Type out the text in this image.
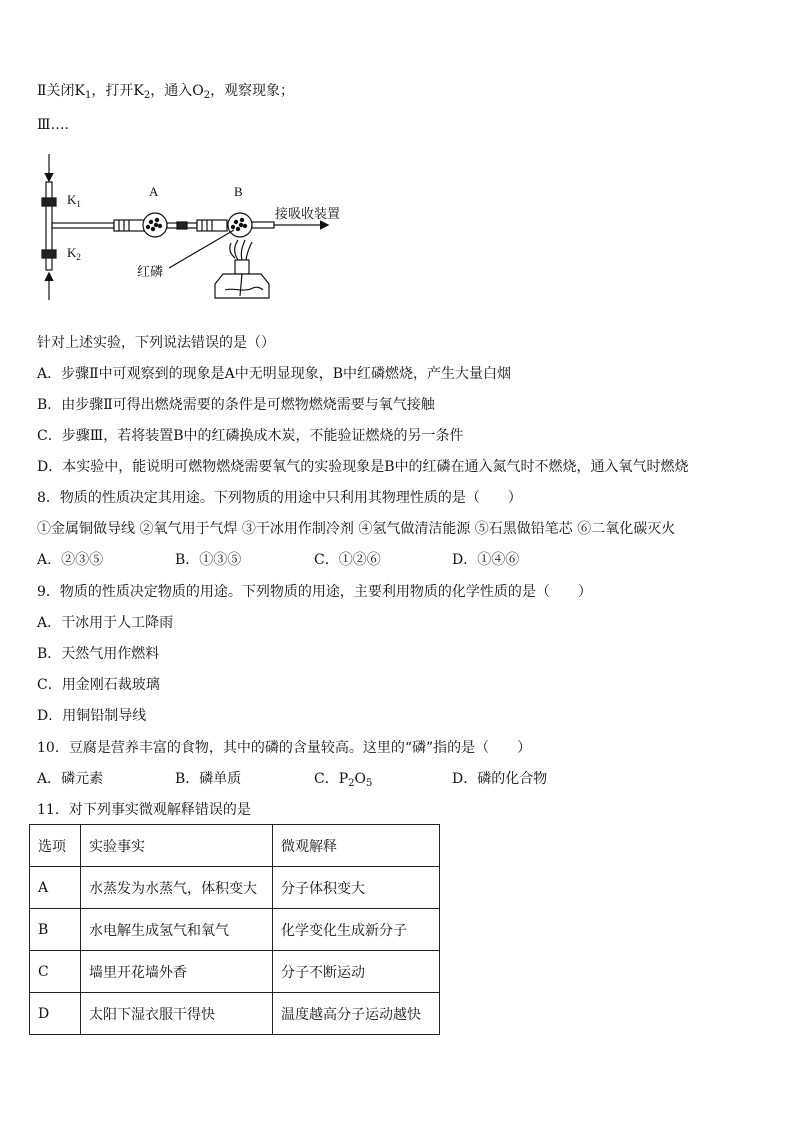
Ⅱ关闭$K_1$，打开$K_2$，通入$O_2$，观察现象；
Ⅲ….
$K_1$
$K_2$
A	B
接吸收装置
红磷
针对上述实验，下列说法错误的是（）
A．步骤Ⅱ中可观察到的现象是A中无明显现象，B中红磷燃烧，产生大量白烟
B．由步骤Ⅱ可得出燃烧需要的条件是可燃物燃烧需要与氧气接触
C．步骤Ⅲ，若将装置B中的红磷换成木炭，不能验证燃烧的另一条件
D．本实验中，能说明可燃物燃烧需要氧气的实验现象是B中的红磷在通入氮气时不燃烧，通入氧气时燃烧
8．物质的性质决定其用途。下列物质的用途中只利用其物理性质的是（　　）
①金属铜做导线 ②氧气用于气焊 ③干冰用作制冷剂 ④氢气做清洁能源 ⑤石黑做铅笔芯 ⑥二氧化碳灭火
A．②③⑤	B．①③⑤	C．①②⑥	D．①④⑥
9．物质的性质决定物质的用途。下列物质的用途，主要利用物质的化学性质的是（　　）
A．干冰用于人工降雨
B．天然气用作燃料
C．用金刚石裁玻璃
D．用铜铅制导线
10．豆腐是营养丰富的食物，其中的磷的含量较高。这里的“磷”指的是（　　）
A．磷元素	B．磷单质	C．$P_2O_5$	D．磷的化合物
11．对下列事实微观解释错误的是
选项	实验事实	微观解释
A	水蒸发为水蒸气，体积变大	分子体积变大
B	水电解生成氢气和氧气	化学变化生成新分子
C	墙里开花墙外香	分子不断运动
D	太阳下湿衣服干得快	温度越高分子运动越快
